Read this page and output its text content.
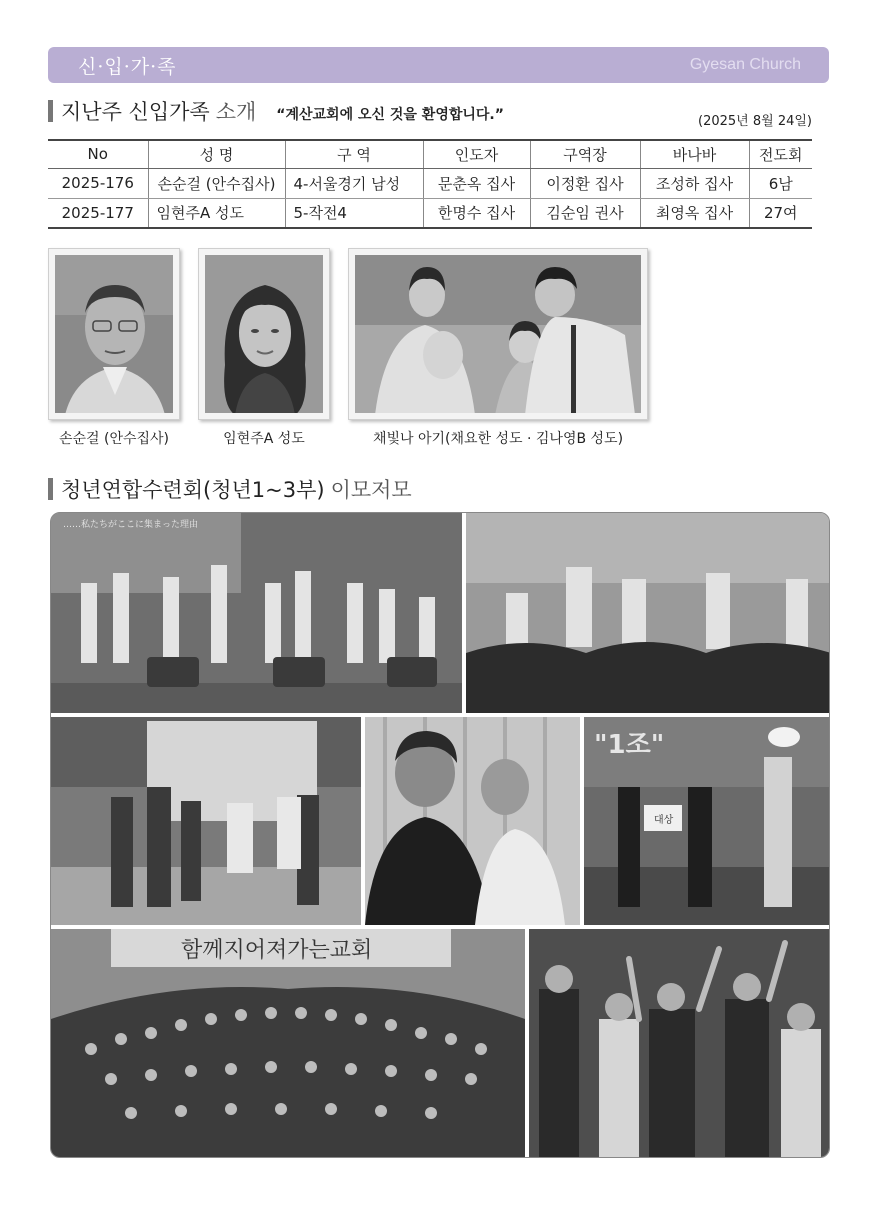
신·입·가·족	Gyesan Church
지난주 신입가족 소개 “계산교회에 오신 것을 환영합니다.”	(2025년 8월 24일)
No	성 명	구 역	인도자	구역장	바나바	전도회
2025-176	손순걸 (안수집사)	4-서울경기 남성	문춘옥 집사	이정환 집사	조성하 집사	6남
2025-177	임현주A 성도	5-작전4	한명수 집사	김순임 권사	최영옥 집사	27여
손순걸 (안수집사)	임현주A 성도	채빛나 아기(채요한 성도 · 김나영B 성도)
청년연합수련회(청년1~3부) 이모저모
……私たちがここに集まった理由
"1조"
대상
함께지어져가는교회
